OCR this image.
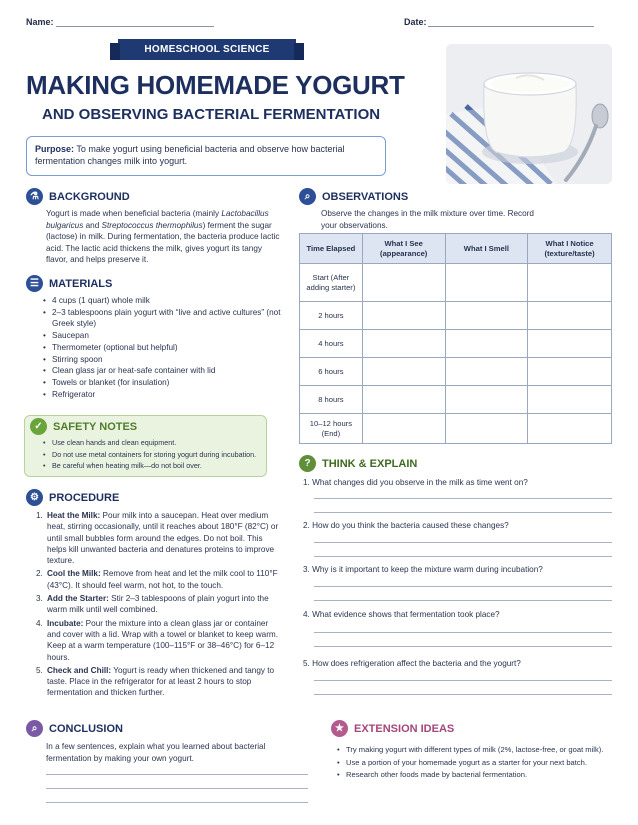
Name:	Date:
HOMESCHOOL SCIENCE
MAKING HOMEMADE YOGURT
AND OBSERVING BACTERIAL FERMENTATION
Purpose: To make yogurt using beneficial bacteria and observe how bacterial fermentation changes milk into yogurt.
⚗ BACKGROUND
Yogurt is made when beneficial bacteria (mainly Lactobacillus bulgaricus and Streptococcus thermophilus) ferment the sugar (lactose) in milk. During fermentation, the bacteria produce lactic acid. The lactic acid thickens the milk, gives yogurt its tangy flavor, and helps preserve it.
☰ MATERIALS
• 4 cups (1 quart) whole milk
• 2–3 tablespoons plain yogurt with “live and active cultures” (not Greek style)
• Saucepan
• Thermometer (optional but helpful)
• Stirring spoon
• Clean glass jar or heat-safe container with lid
• Towels or blanket (for insulation)
• Refrigerator
✓ SAFETY NOTES
• Use clean hands and clean equipment.
• Do not use metal containers for storing yogurt during incubation.
• Be careful when heating milk—do not boil over.
⚙ PROCEDURE
1. Heat the Milk: Pour milk into a saucepan. Heat over medium heat, stirring occasionally, until it reaches about 180°F (82°C) or until small bubbles form around the edges. Do not boil. This helps kill unwanted bacteria and denatures proteins to improve texture.
2. Cool the Milk: Remove from heat and let the milk cool to 110°F (43°C). It should feel warm, not hot, to the touch.
3. Add the Starter: Stir 2–3 tablespoons of plain yogurt into the warm milk until well combined.
4. Incubate: Pour the mixture into a clean glass jar or container and cover with a lid. Wrap with a towel or blanket to keep warm. Keep at a warm temperature (100–115°F or 38–46°C) for 6–12 hours.
5. Check and Chill: Yogurt is ready when thickened and tangy to taste. Place in the refrigerator for at least 2 hours to stop fermentation and thicken further.
⌕	CONCLUSION
In a few sentences, explain what you learned about bacterial fermentation by making your own yogurt.
⌕	OBSERVATIONS
Observe the changes in the milk mixture over time. Record your observations.
Time Elapsed	What I See (appearance)	What I Smell	What I Notice (texture/taste)
Start (After adding starter)			
2 hours			
4 hours			
6 hours			
8 hours			
10–12 hours (End)			
?	THINK & EXPLAIN
1. What changes did you observe in the milk as time went on?
2. How do you think the bacteria caused these changes?
3. Why is it important to keep the mixture warm during incubation?
4. What evidence shows that fermentation took place?
5. How does refrigeration affect the bacteria and the yogurt?
★ EXTENSION IDEAS
• Try making yogurt with different types of milk (2%, lactose-free, or goat milk).
• Use a portion of your homemade yogurt as a starter for your next batch.
• Research other foods made by bacterial fermentation.
